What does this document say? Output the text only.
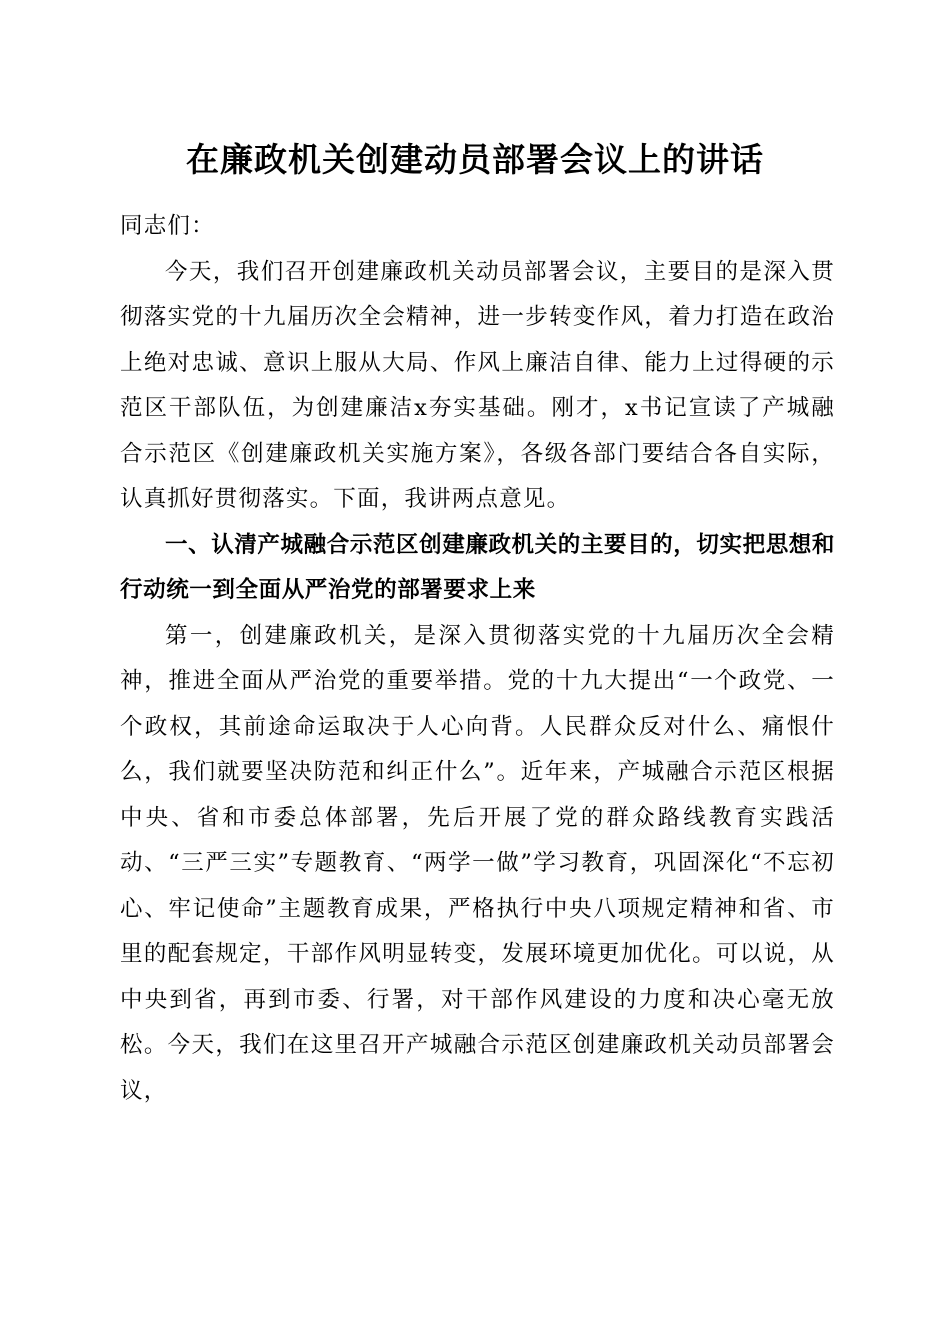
在廉政机关创建动员部署会议上的讲话

同志们：

今天，我们召开创建廉政机关动员部署会议，主要目的是深入贯彻落实党的十九届历次全会精神，进一步转变作风，着力打造在政治上绝对忠诚、意识上服从大局、作风上廉洁自律、能力上过得硬的示范区干部队伍，为创建廉洁x夯实基础。刚才，x书记宣读了产城融合示范区《创建廉政机关实施方案》，各级各部门要结合各自实际，认真抓好贯彻落实。下面，我讲两点意见。

一、认清产城融合示范区创建廉政机关的主要目的，切实把思想和行动统一到全面从严治党的部署要求上来

第一，创建廉政机关，是深入贯彻落实党的十九届历次全会精神，推进全面从严治党的重要举措。党的十九大提出“一个政党、一个政权，其前途命运取决于人心向背。人民群众反对什么、痛恨什么，我们就要坚决防范和纠正什么”。近年来，产城融合示范区根据中央、省和市委总体部署，先后开展了党的群众路线教育实践活动、“三严三实”专题教育、“两学一做”学习教育，巩固深化“不忘初心、牢记使命”主题教育成果，严格执行中央八项规定精神和省、市里的配套规定，干部作风明显转变，发展环境更加优化。可以说，从中央到省，再到市委、行署，对干部作风建设的力度和决心毫无放松。今天，我们在这里召开产城融合示范区创建廉政机关动员部署会议，
